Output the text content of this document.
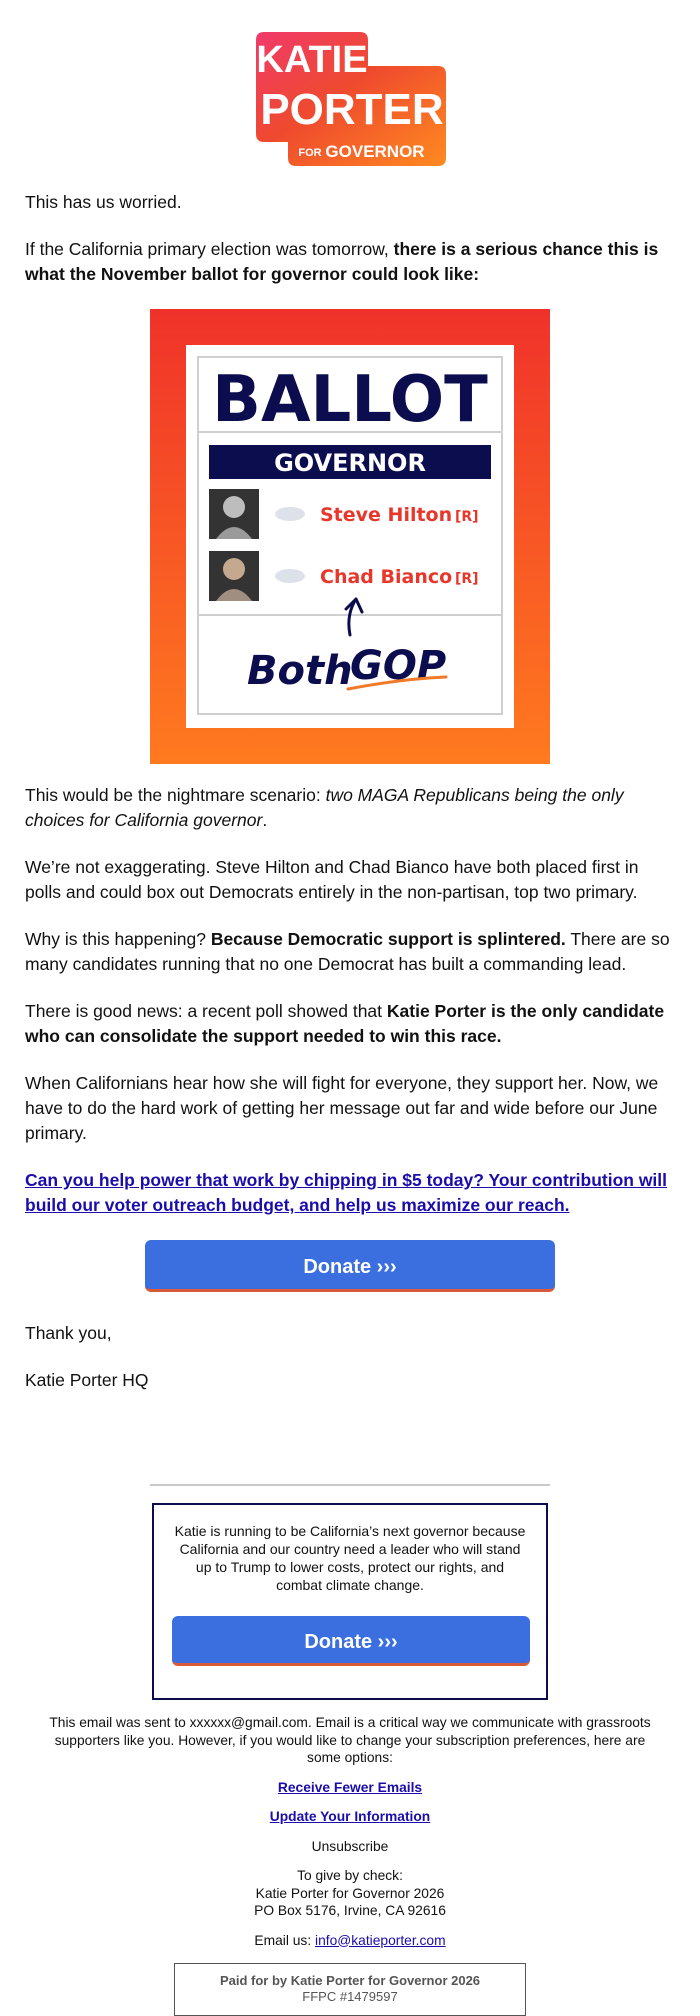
KATIE
PORTER
FOR GOVERNOR

This has us worried.

If the California primary election was tomorrow, there is a serious chance this is what the November ballot for governor could look like:

BALLOT
GOVERNOR
Steve Hilton [R]
Chad Bianco [R]
Both
GOP

This would be the nightmare scenario: two MAGA Republicans being the only choices for California governor.

We’re not exaggerating. Steve Hilton and Chad Bianco have both placed first in polls and could box out Democrats entirely in the non-partisan, top two primary.

Why is this happening? Because Democratic support is splintered. There are so many candidates running that no one Democrat has built a commanding lead.

There is good news: a recent poll showed that Katie Porter is the only candidate who can consolidate the support needed to win this race.

When Californians hear how she will fight for everyone, they support her. Now, we have to do the hard work of getting her message out far and wide before our June primary.

Can you help power that work by chipping in $5 today? Your contribution will build our voter outreach budget, and help us maximize our reach.

Donate ›››

Thank you,

Katie Porter HQ

Katie is running to be California’s next governor because California and our country need a leader who will stand up to Trump to lower costs, protect our rights, and combat climate change.

Donate ›››

This email was sent to xxxxxx@gmail.com. Email is a critical way we communicate with grassroots supporters like you. However, if you would like to change your subscription preferences, here are some options:

Receive Fewer Emails

Update Your Information

Unsubscribe

To give by check:
Katie Porter for Governor 2026
PO Box 5176, Irvine, CA 92616

Email us: info@katieporter.com

Paid for by Katie Porter for Governor 2026
FFPC #1479597
